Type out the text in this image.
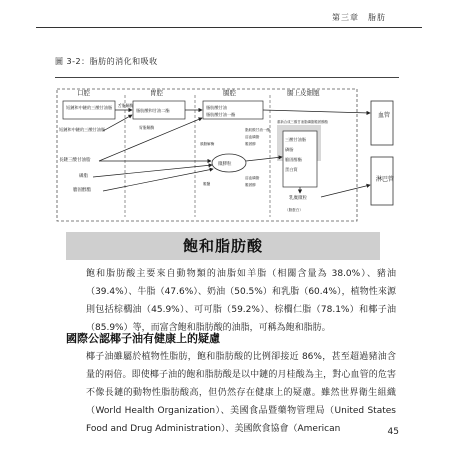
第三章　脂肪
圖 3-2：脂肪的消化和吸收
口腔	胃腔	腸腔	腸上皮細胞
短鏈和中鏈的三酸甘油脂
短鏈和中鏈的三酸甘油脂
長鏈三酸甘油脂
磷脂
膽固醇酯
舌脂解酶
脂肪酸和甘油二酯
胃脂解酶
脂肪酸甘油
脂肪酸甘油一酯
微膠粒
脂肪酸甘油一酯
溶血磷脂
膽固醇
溶血磷脂
膽固醇
胰脂解酶
膽鹽
三酸甘油脂
磷脂
膽固醇酯
蛋白質
重新合成三酸甘油脂磷脂膽固醇酯
乳糜微粒
（脂蛋白）
血管
淋巴管
飽和脂肪酸

飽和脂肪酸主要來自動物類的油脂如羊脂（相關含量為 38.0%）、豬油（39.4%）、牛脂（47.6%）、奶油（50.5%）和乳脂（60.4%），植物性來源則包括棕櫚油（45.9%）、可可脂（59.2%）、棕櫚仁脂（78.1%）和椰子油（85.9%）等，而富含飽和脂肪酸的油脂，可稱為飽和脂肪。

國際公認椰子油有健康上的疑慮

椰子油雖屬於植物性脂肪，飽和脂肪酸的比例卻接近 86%，甚至超過豬油含量的兩倍。即使椰子油的飽和脂肪酸是以中鏈的月桂酸為主，對心血管的危害不像長鏈的動物性脂肪酸高，但仍然存在健康上的疑慮。雖然世界衛生組織（World Health Organization）、美國食品暨藥物管理局（United States Food and Drug Administration）、美國飲食協會（American	45
